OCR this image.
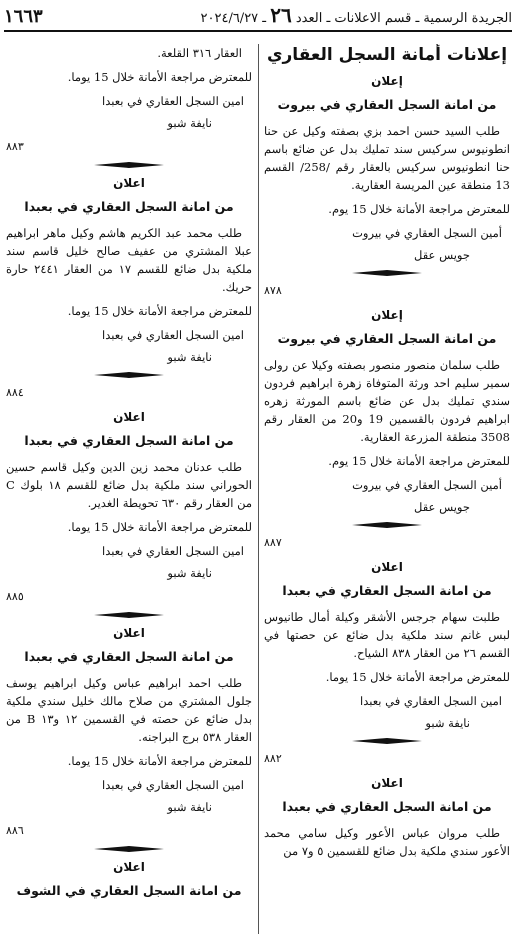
الجريدة الرسمية ـ قسم الاعلانات ـ العدد ٢٦ ـ ٢٠٢٤/٦/٢٧
١٦٦٣
إعلانات أمانة السجل العقاري
إعلان
من امانة السجل العقاري في بيروت
طلب السيد حسن احمد بزي بصفته وكيل عن حنا انطونيوس سركيس سند تمليك بدل عن ضائع باسم حنا انطونيوس سركيس بالعقار رقم /258/ القسم 13 منطقة عين المريسة العقارية.
للمعترض مراجعة الأمانة خلال 15 يوم.
أمين السجل العقاري في بيروت
جويس عقل
٨٧٨
إعلان
من امانة السجل العقاري في بيروت
طلب سلمان منصور منصور بصفته وكيلا عن رولى سمير سليم احد ورثة المتوفاة زهرة ابراهيم فردون سندي تمليك بدل عن ضائع باسم المورثة زهره ابراهيم فردون بالقسمين 19 و20 من العقار رقم 3508 منطقة المزرعة العقارية.
للمعترض مراجعة الأمانة خلال 15 يوم.
أمين السجل العقاري في بيروت
جويس عقل
٨٨٧
اعلان
من امانة السجل العقاري في بعبدا
طلبت سهام جرجس الأشقر وكيلة أمال طانيوس لبس غانم سند ملكية بدل ضائع عن حصتها في القسم ٢٦ من العقار ٨٣٨ الشياح.
للمعترض مراجعة الأمانة خلال 15 يوما.
امين السجل العقاري في بعبدا
نايفة شبو
٨٨٢
اعلان
من امانة السجل العقاري في بعبدا
طلب مروان عباس الأعور وكيل سامي محمد الأعور سندي ملكية بدل ضائع للقسمين ٥ و٧ من
العقار ٣١٦ القلعة.
للمعترض مراجعة الأمانة خلال 15 يوما.
امين السجل العقاري في بعبدا
نايفة شبو
٨٨٣
اعلان
من امانة السجل العقاري في بعبدا
طلب محمد عبد الكريم هاشم وكيل ماهر ابراهيم عبلا المشتري من عفيف صالح خليل قاسم سند ملكية بدل ضائع للقسم ١٧ من العقار ٢٤٤١ حارة حريك.
للمعترض مراجعة الأمانة خلال 15 يوما.
امين السجل العقاري في بعبدا
نايفة شبو
٨٨٤
اعلان
من امانة السجل العقاري في بعبدا
طلب عدنان محمد زين الدين وكيل قاسم حسين الحوراني سند ملكية بدل ضائع للقسم ١٨ بلوك C من العقار رقم ٦٣٠ تحويطة الغدير.
للمعترض مراجعة الأمانة خلال 15 يوما.
امين السجل العقاري في بعبدا
نايفة شبو
٨٨٥
اعلان
من امانة السجل العقاري في بعبدا
طلب احمد ابراهيم عباس وكيل ابراهيم يوسف جلول المشتري من صلاح مالك خليل سندي ملكية بدل ضائع عن حصته في القسمين ١٢ و١٣ B من العقار ٥٣٨ برج البراجنه.
للمعترض مراجعة الأمانة خلال 15 يوما.
امين السجل العقاري في بعبدا
نايفة شبو
٨٨٦
اعلان
من امانة السجل العقاري في الشوف
